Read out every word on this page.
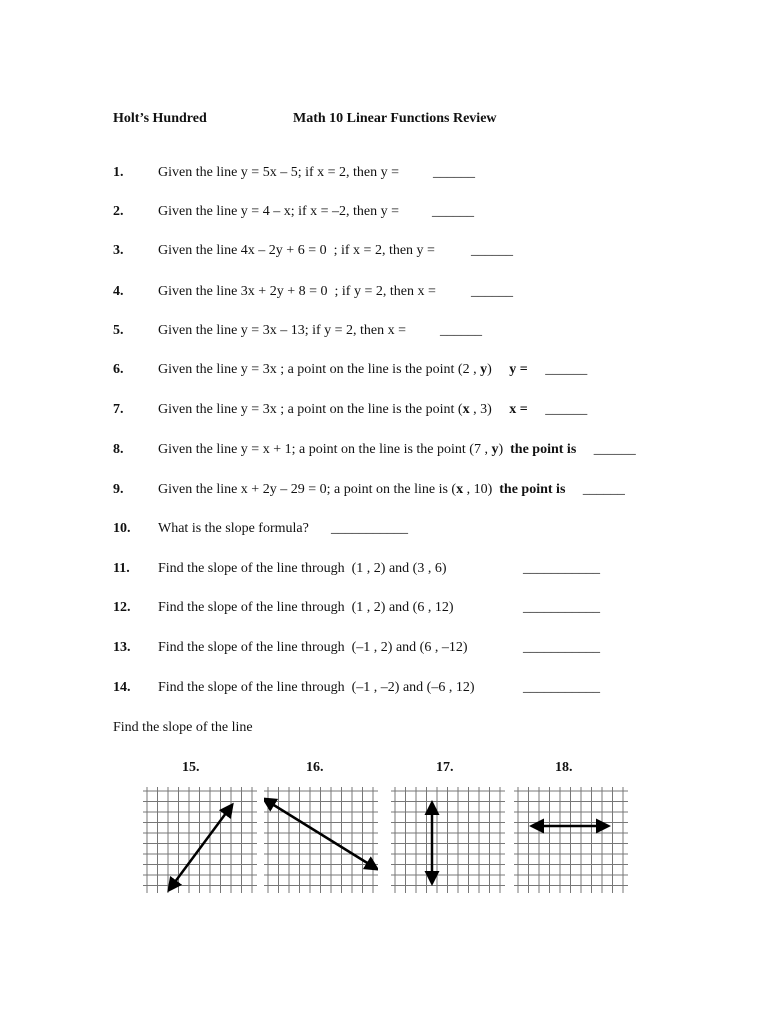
Holt’s Hundred	Math 10 Linear Functions Review
1. Given the line y = 5x – 5; if x = 2, then y = ______
2. Given the line y = 4 – x; if x = –2, then y = ______
3. Given the line 4x – 2y + 6 = 0  ; if x = 2, then y = ______
4. Given the line 3x + 2y + 8 = 0  ; if y = 2, then x = ______
5. Given the line y = 3x – 13; if y = 2, then x = ______
6. Given the line y = 3x ; a point on the line is the point (2 , y)     y = ______
7. Given the line y = 3x ; a point on the line is the point (x , 3)     x = ______
8. Given the line y = x + 1; a point on the line is the point (7 , y)  the point is ______
9. Given the line x + 2y – 29 = 0; a point on the line is (x , 10)  the point is ______
10. What is the slope formula? ___________
11. Find the slope of the line through  (1 , 2) and (3 , 6)	___________
12. Find the slope of the line through  (1 , 2) and (6 , 12)	___________
13. Find the slope of the line through  (–1 , 2) and (6 , –12)	___________
14. Find the slope of the line through  (–1 , –2) and (–6 , 12)	___________
Find the slope of the line
15.	16.	17.	18.
